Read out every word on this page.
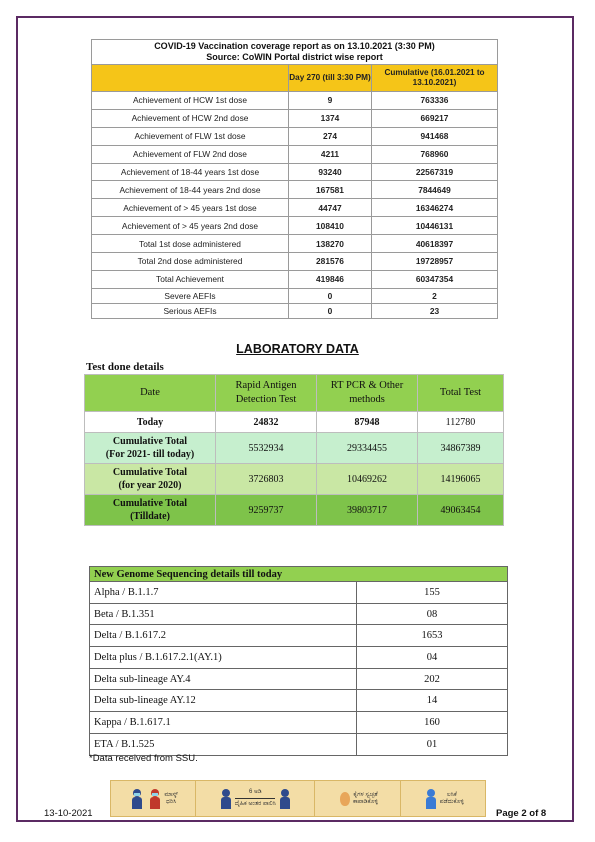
COVID-19 Vaccination coverage report as on 13.10.2021 (3:30 PM)
Source: CoWIN Portal district wise report		

	Day 270 (till 3:30 PM)	Cumulative (16.01.2021 to 13.10.2021)
Achievement of HCW 1st dose	9	763336
Achievement of HCW 2nd dose	1374	669217
Achievement of FLW 1st dose	274	941468
Achievement of FLW 2nd dose	4211	768960
Achievement of 18-44 years 1st dose	93240	22567319
Achievement of 18-44 years 2nd dose	167581	7844649
Achievement of > 45 years 1st dose	44747	16346274
Achievement of > 45 years 2nd dose	108410	10446131
Total 1st dose administered	138270	40618397
Total 2nd dose administered	281576	19728957
Total Achievement	419846	60347354
Severe AEFIs	0	2
Serious AEFIs	0	23
LABORATORY DATA
Test done details
Date	Rapid Antigen Detection Test	RT PCR & Other methods	Total Test
Today	24832	87948	112780

Cumulative Total
(For 2021- till today)	5532934	29334455	34867389

Cumulative Total
(for year 2020)	3726803	10469262	14196065

Cumulative Total
(Tilldate)	9259737	39803717	49063454
New Genome Sequencing details till today	
Alpha / B.1.1.7	155
Beta / B.1.351	08
Delta / B.1.617.2	1653
Delta plus / B.1.617.2.1(AY.1)	04
Delta sub-lineage AY.4	202
Delta sub-lineage AY.12	14
Kappa / B.1.617.1	160
ETA / B.1.525	01
*Data received from SSU.
13-10-2021
ಮಾಸ್ಕ್
ಧರಿಸಿ
6 ಅಡಿ
ದೈಹಿಕ ಅಂತರ ಪಾಲಿಸಿ
ಕೈಗಳ ಸ್ವಚ್ಛತೆ
ಕಾಪಾಡಿಕೊಳ್ಳಿ
ಲಸಿಕೆ
ಪಡೆದುಕೊಳ್ಳಿ
Page 2 of 8
